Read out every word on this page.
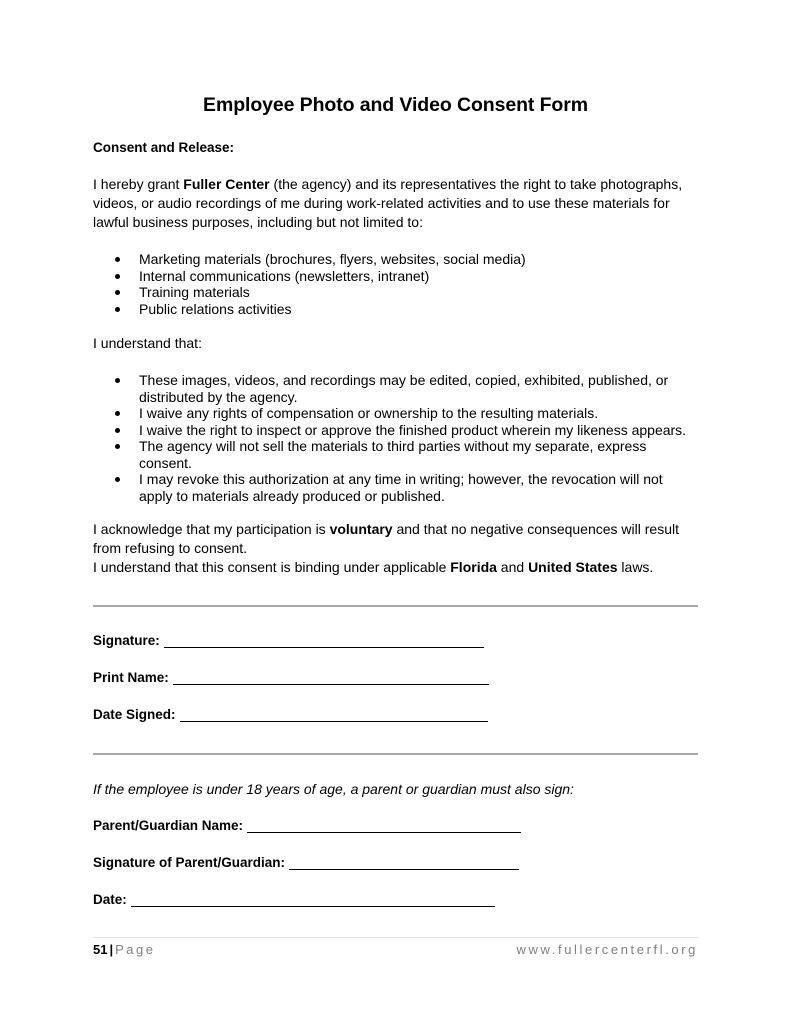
Employee Photo and Video Consent Form
Consent and Release:
I hereby grant Fuller Center (the agency) and its representatives the right to take photographs,
videos, or audio recordings of me during work-related activities and to use these materials for
lawful business purposes, including but not limited to:
Marketing materials (brochures, flyers, websites, social media)
Internal communications (newsletters, intranet)
Training materials
Public relations activities
I understand that:
These images, videos, and recordings may be edited, copied, exhibited, published, or
distributed by the agency.
I waive any rights of compensation or ownership to the resulting materials.
I waive the right to inspect or approve the finished product wherein my likeness appears.
The agency will not sell the materials to third parties without my separate, express
consent.
I may revoke this authorization at any time in writing; however, the revocation will not
apply to materials already produced or published.
I acknowledge that my participation is voluntary and that no negative consequences will result
from refusing to consent.
I understand that this consent is binding under applicable Florida and United States laws.
Signature:
Print Name:
Date Signed:
If the employee is under 18 years of age, a parent or guardian must also sign:
Parent/Guardian Name:
Signature of Parent/Guardian:
Date:
51 | Page	www.fullercenterfl.org
